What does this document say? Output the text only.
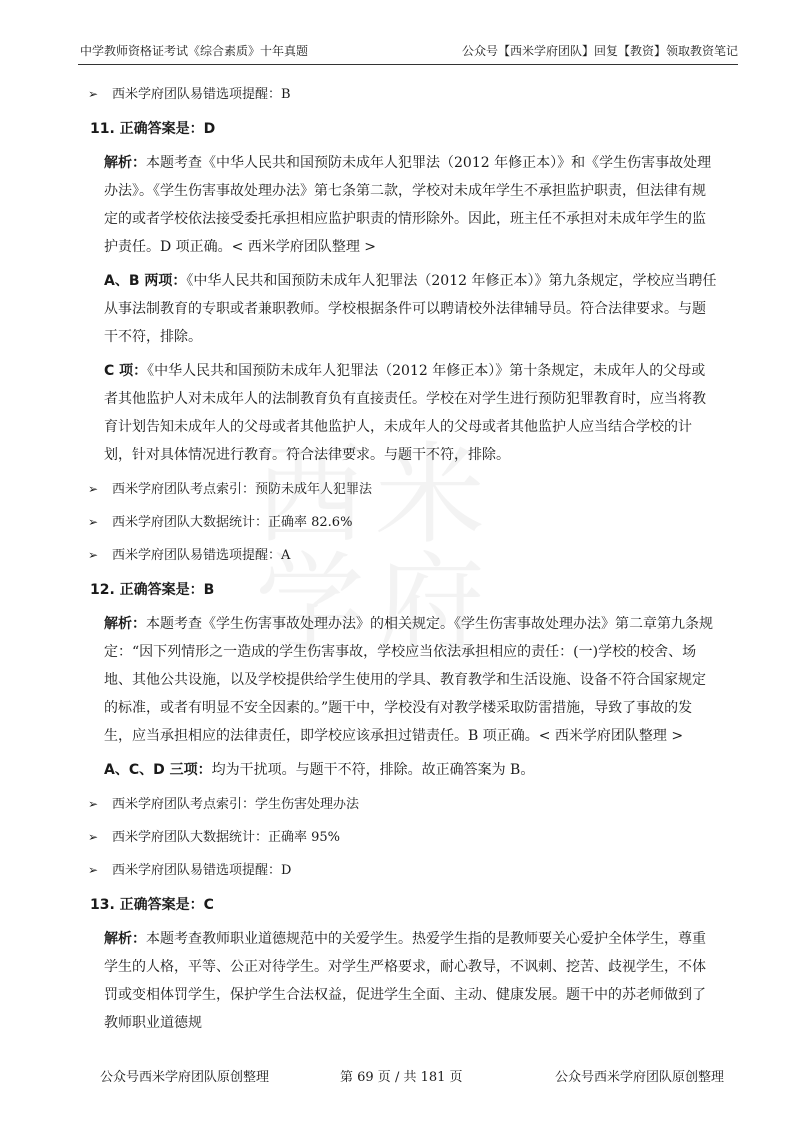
中学教师资格证考试《综合素质》十年真题	公众号【西米学府团队】回复【教资】领取教资笔记
➢ 西米学府团队易错选项提醒：B
11. 正确答案是：D

解析：本题考查《中华人民共和国预防未成年人犯罪法（2012 年修正本）》和《学生伤害事故处理办法》。《学生伤害事故处理办法》第七条第二款，学校对未成年学生不承担监护职责，但法律有规定的或者学校依法接受委托承担相应监护职责的情形除外。因此，班主任不承担对未成年学生的监护责任。D 项正确。< 西米学府团队整理 >

A、B 两项：《中华人民共和国预防未成年人犯罪法（2012 年修正本）》第九条规定，学校应当聘任从事法制教育的专职或者兼职教师。学校根据条件可以聘请校外法律辅导员。符合法律要求。与题干不符，排除。

C 项：《中华人民共和国预防未成年人犯罪法（2012 年修正本）》第十条规定，未成年人的父母或者其他监护人对未成年人的法制教育负有直接责任。学校在对学生进行预防犯罪教育时，应当将教育计划告知未成年人的父母或者其他监护人，未成年人的父母或者其他监护人应当结合学校的计划，针对具体情况进行教育。符合法律要求。与题干不符，排除。

➢ 西米学府团队考点索引：预防未成年人犯罪法
➢ 西米学府团队大数据统计：正确率 82.6%
➢ 西米学府团队易错选项提醒：A
12. 正确答案是：B

解析：本题考查《学生伤害事故处理办法》的相关规定。《学生伤害事故处理办法》第二章第九条规定：“因下列情形之一造成的学生伤害事故，学校应当依法承担相应的责任：(一)学校的校舍、场地、其他公共设施，以及学校提供给学生使用的学具、教育教学和生活设施、设备不符合国家规定的标准，或者有明显不安全因素的。”题干中，学校没有对教学楼采取防雷措施，导致了事故的发生，应当承担相应的法律责任，即学校应该承担过错责任。B 项正确。< 西米学府团队整理 >

A、C、D 三项：均为干扰项。与题干不符，排除。故正确答案为 B。

➢ 西米学府团队考点索引：学生伤害处理办法
➢ 西米学府团队大数据统计：正确率 95%
➢ 西米学府团队易错选项提醒：D
13. 正确答案是：C

解析：本题考查教师职业道德规范中的关爱学生。热爱学生指的是教师要关心爱护全体学生，尊重学生的人格，平等、公正对待学生。对学生严格要求，耐心教导，不讽刺、挖苦、歧视学生，不体罚或变相体罚学生，保护学生合法权益，促进学生全面、主动、健康发展。题干中的苏老师做到了教师职业道德规

公众号西米学府团队原创整理	第 69 页 / 共 181 页	公众号西米学府团队原创整理
